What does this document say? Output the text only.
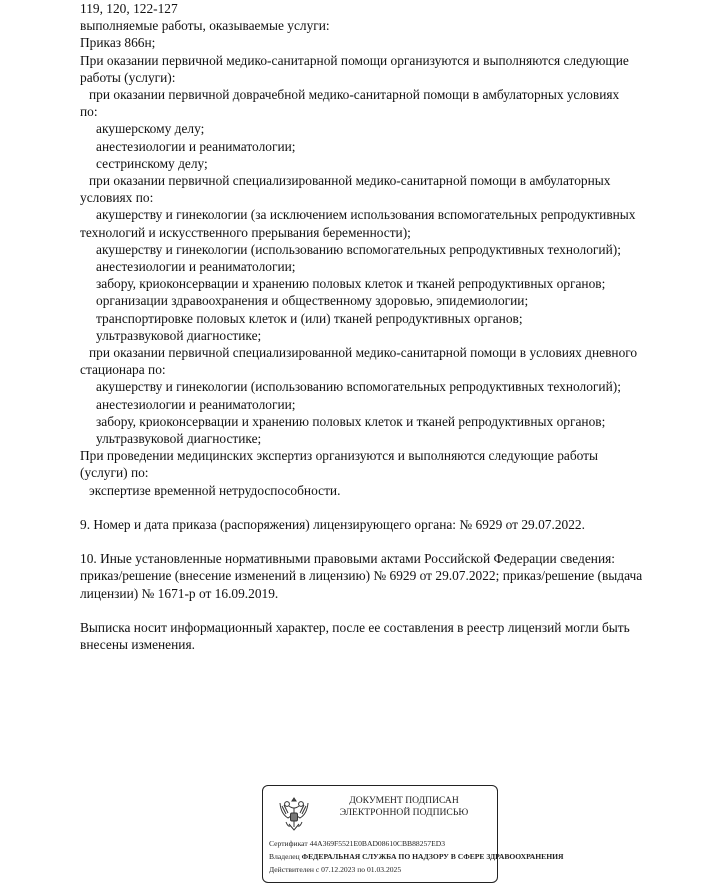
119, 120, 122-127
выполняемые работы, оказываемые услуги:
Приказ 866н;
При оказании первичной медико-санитарной помощи организуются и выполняются следующие
работы (услуги):
при оказании первичной доврачебной медико-санитарной помощи в амбулаторных условиях
по:
акушерскому делу;
анестезиологии и реаниматологии;
сестринскому делу;
при оказании первичной специализированной медико-санитарной помощи в амбулаторных
условиях по:
акушерству и гинекологии (за исключением использования вспомогательных репродуктивных
технологий и искусственного прерывания беременности);
акушерству и гинекологии (использованию вспомогательных репродуктивных технологий);
анестезиологии и реаниматологии;
забору, криоконсервации и хранению половых клеток и тканей репродуктивных органов;
организации здравоохранения и общественному здоровью, эпидемиологии;
транспортировке половых клеток и (или) тканей репродуктивных органов;
ультразвуковой диагностике;
при оказании первичной специализированной медико-санитарной помощи в условиях дневного
стационара по:
акушерству и гинекологии (использованию вспомогательных репродуктивных технологий);
анестезиологии и реаниматологии;
забору, криоконсервации и хранению половых клеток и тканей репродуктивных органов;
ультразвуковой диагностике;
При проведении медицинских экспертиз организуются и выполняются следующие работы
(услуги) по:
экспертизе временной нетрудоспособности.
9. Номер и дата приказа (распоряжения) лицензирующего органа: № 6929 от 29.07.2022.
10. Иные установленные нормативными правовыми актами Российской Федерации сведения:
приказ/решение (внесение изменений в лицензию) № 6929 от 29.07.2022; приказ/решение (выдача
лицензии) № 1671-р от 16.09.2019.
Выписка носит информационный характер, после ее составления в реестр лицензий могли быть
внесены изменения.
ДОКУМЕНТ ПОДПИСАН
ЭЛЕКТРОННОЙ ПОДПИСЬЮ
Сертификат 44A369F5521E0BAD08610CBB88257ED3
Владелец ФЕДЕРАЛЬНАЯ СЛУЖБА ПО НАДЗОРУ В СФЕРЕ ЗДРАВООХРАНЕНИЯ
Действителен с 07.12.2023 по 01.03.2025
